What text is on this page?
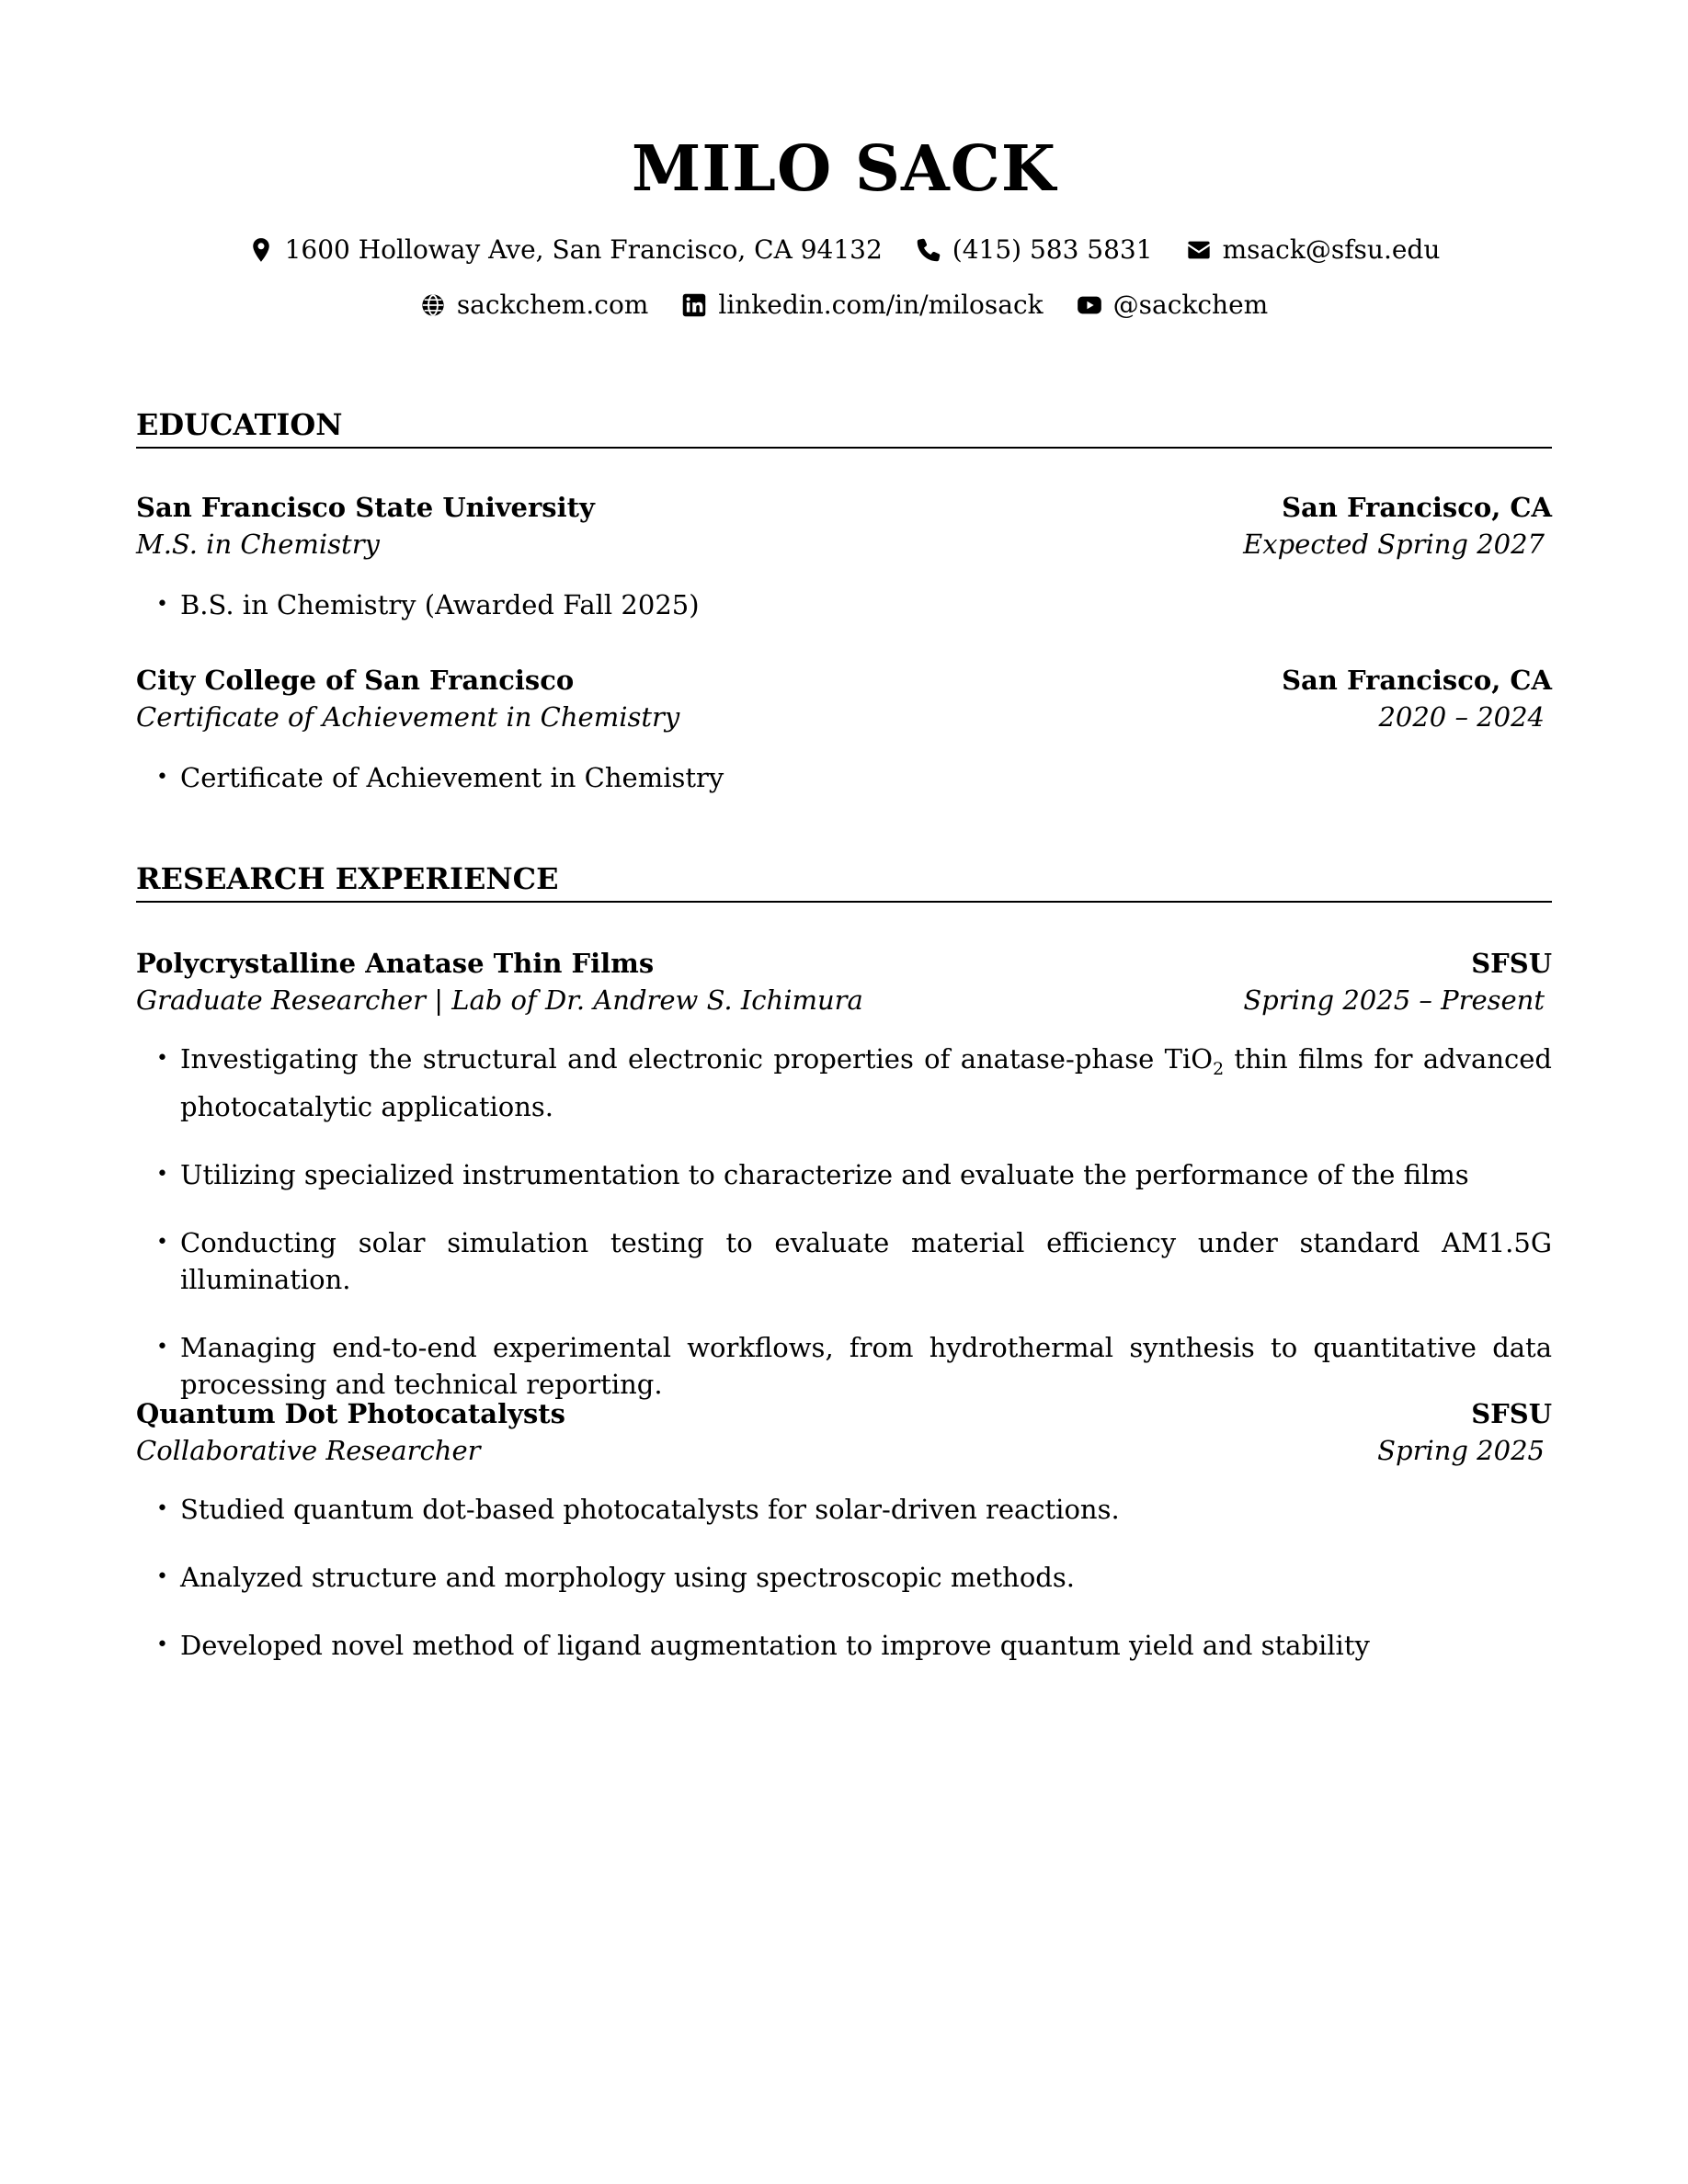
MILO SACK
1600 Holloway Ave, San Francisco, CA 94132	(415) 583 5831	msack@sfsu.edu
sackchem.com	linkedin.com/in/milosack	@sackchem
EDUCATION
San Francisco State University	San Francisco, CA
M.S. in Chemistry	Expected Spring 2027
• B.S. in Chemistry (Awarded Fall 2025)
City College of San Francisco	San Francisco, CA
Certificate of Achievement in Chemistry	2020 – 2024
• Certificate of Achievement in Chemistry
RESEARCH EXPERIENCE
Polycrystalline Anatase Thin Films	SFSU
Graduate Researcher | Lab of Dr. Andrew S. Ichimura	Spring 2025 – Present
• Investigating the structural and electronic properties of anatase-phase TiO$_2$ thin films for advanced photocatalytic applications.
• Utilizing specialized instrumentation to characterize and evaluate the performance of the films
• Conducting solar simulation testing to evaluate material efficiency under standard AM1.5G illumination.
• Managing end-to-end experimental workflows, from hydrothermal synthesis to quantitative data processing and technical reporting.
Quantum Dot Photocatalysts	SFSU
Collaborative Researcher	Spring 2025
• Studied quantum dot-based photocatalysts for solar-driven reactions.
• Analyzed structure and morphology using spectroscopic methods.
• Developed novel method of ligand augmentation to improve quantum yield and stability
